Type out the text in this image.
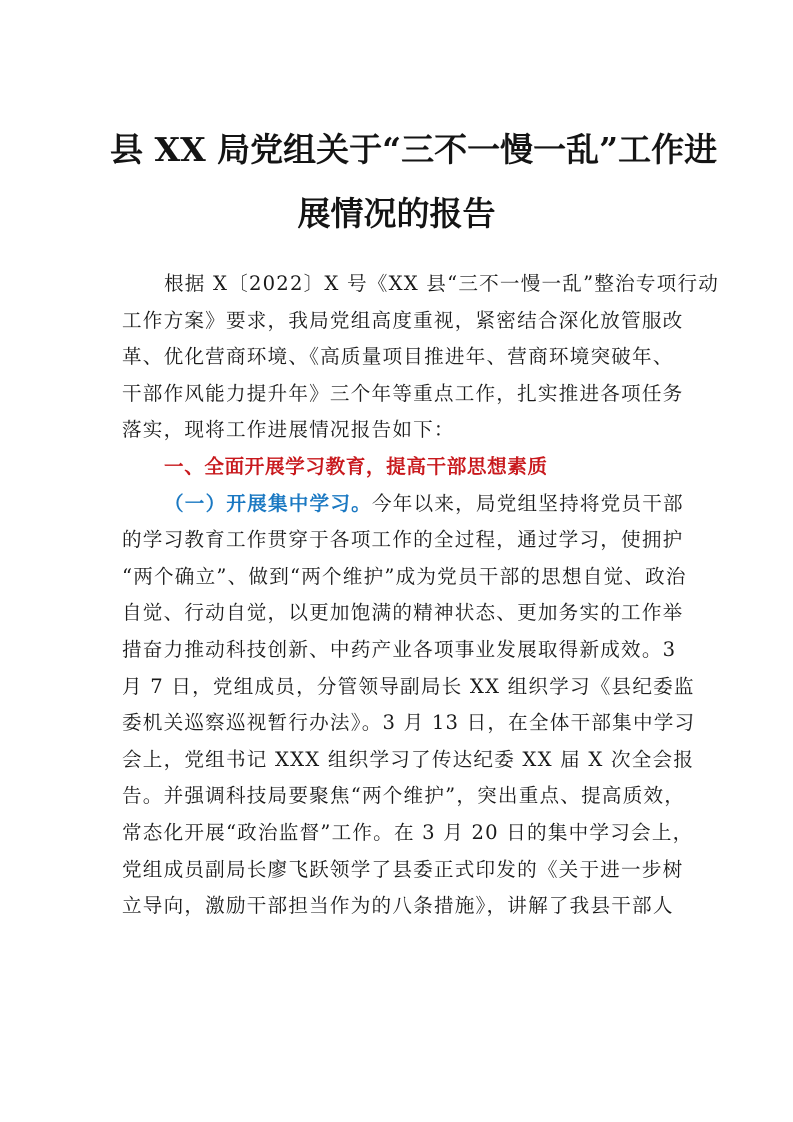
县 XX 局党组关于“三不一慢一乱”工作进
展情况的报告
根据 X〔2022〕X 号《XX 县“三不一慢一乱”整治专项行动
工作方案》要求，我局党组高度重视，紧密结合深化放管服改
革、优化营商环境、《高质量项目推进年、营商环境突破年、
干部作风能力提升年》三个年等重点工作，扎实推进各项任务
落实，现将工作进展情况报告如下：
一、全面开展学习教育，提高干部思想素质
（一）开展集中学习。今年以来，局党组坚持将党员干部
的学习教育工作贯穿于各项工作的全过程，通过学习，使拥护
“两个确立”、做到“两个维护”成为党员干部的思想自觉、政治
自觉、行动自觉，以更加饱满的精神状态、更加务实的工作举
措奋力推动科技创新、中药产业各项事业发展取得新成效。3
月 7 日，党组成员，分管领导副局长 XX 组织学习《县纪委监
委机关巡察巡视暂行办法》。3 月 13 日，在全体干部集中学习
会上，党组书记 XXX 组织学习了传达纪委 XX 届 X 次全会报
告。并强调科技局要聚焦“两个维护”，突出重点、提高质效，
常态化开展“政治监督”工作。在 3 月 20 日的集中学习会上，
党组成员副局长廖飞跃领学了县委正式印发的《关于进一步树
立导向，激励干部担当作为的八条措施》，讲解了我县干部人
